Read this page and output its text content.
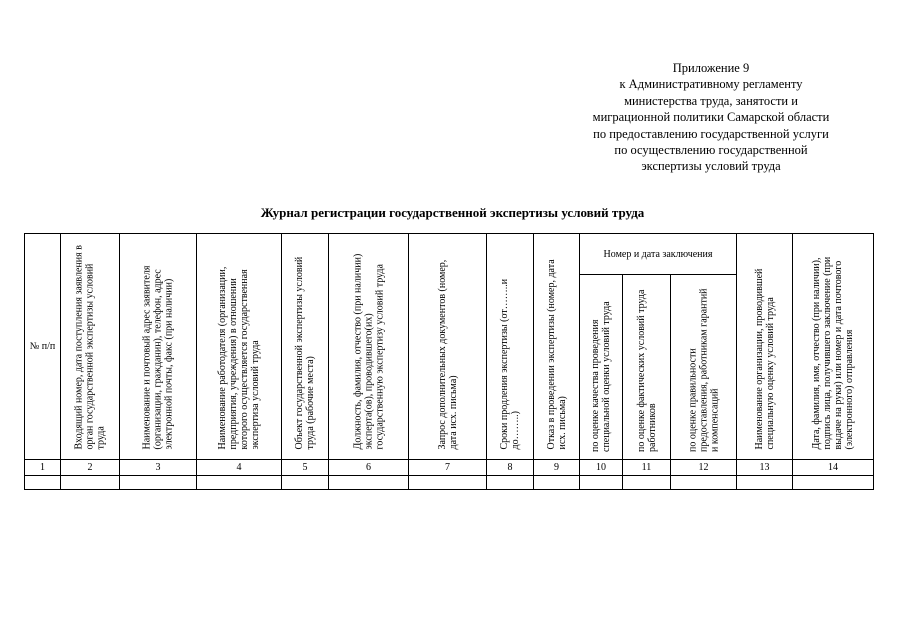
Приложение 9
к Административному регламенту
министерства труда, занятости и
миграционной политики Самарской области
по предоставлению государственной услуги
по осуществлению государственной
экспертизы условий труда
Журнал регистрации государственной экспертизы условий труда
№ п/п	Входящий номер, дата поступления заявления в орган государственной экспертизы условий труда	Наименование и почтовый адрес заявителя (организации, гражданин), телефон, адрес электронной почты, факс (при наличии)	Наименование работодателя (организации, предприятия, учреждения) в отношении которого осуществляется государственная экспертиза условий труда	Объект государственной экспертизы условий труда (рабочие места)	Должность, фамилия, отчество (при наличии) эксперта(ов), проводившего(их) государственную экспертизу условий труда	Запрос дополнительных документов (номер, дата исх. письма)	Сроки продления экспертизы (от……..и до……..)	Отказ в проведении экспертизы (номер, дата исх. письма)	Номер и дата заключения			Наименование организации, проводившей специальную оценку условий труда	Дата, фамилия, имя, отчество (при наличии), подпись лица, получившего заключение (при выдаче на руки) или номер и дата почтового (электронного) отправления

									по оценке качества проведения специальной оценки условий труда	по оценке фактических условий труда работников	по оценке правильности предоставления, работникам гарантий и компенсаций		

1	2	3	4	5	6	7	8	9	10	11	12	13	14
